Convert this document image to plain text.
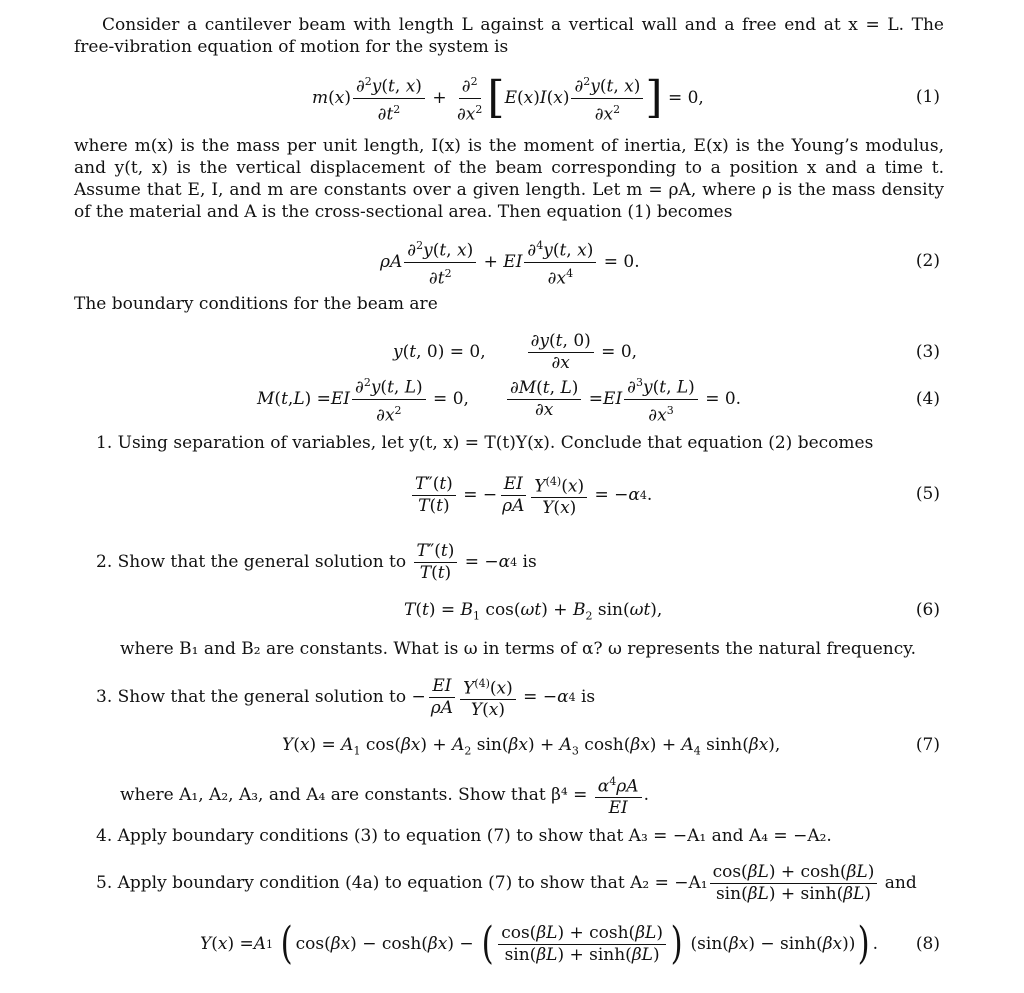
Consider a cantilever beam with length L against a vertical wall and a free end at x = L. The free-vibration equation of motion for the system is
m ( x ) $\frac{\partial^2y(t, x)}{\partial t^2} + \frac{\partial^2}{\partial x^2}$ [ E ( x ) I ( x ) $\frac{\partial^2y(t, x)}{\partial x^2}$ ] = 0,	(1)
where m(x) is the mass per unit length, I(x) is the moment of inertia, E(x) is the Young’s modulus, and y(t, x) is the vertical displacement of the beam corresponding to a position x and a time t. Assume that E, I, and m are constants over a given length. Let m = ρA, where ρ is the mass density of the material and A is the cross-sectional area. Then equation (1) becomes
ρA $\frac{\partial^2y(t, x)}{\partial t^2}$ + EI $\frac{\partial^4y(t, x)}{\partial x^4} = 0$.	(2)
The boundary conditions for the beam are
y ( t , 0) = 0, $\frac{\partial y(t, 0)}{\partial x} = 0$,	(3)
M ( t , L ) = EI $\frac{\partial^2y(t, L)}{\partial x^2} = 0$, $\frac{\partial M(t, L)}{\partial x}$ = EI $\frac{\partial^3y(t, L)}{\partial x^3} = 0$.	(4)
1. Using separation of variables, let y(t, x) = T(t)Y(x). Conclude that equation (2) becomes
$\frac{T''(t)}{T(t)}$ = − $\frac{EI}{\rho A} \frac{Y^{(4)}(x)}{Y(x)}$ = − α 4 .	(5)
2. Show that the general solution to
$\frac{T''(t)}{T(t)}$ = − α 4
is
$T(t) = B_1$ $\cos(\omega t) + B_2$ sin(ωt),	(6)
where B₁ and B₂ are constants. What is ω in terms of α? ω represents the natural frequency.
3. Show that the general solution to − $\frac{EI}{\rho A} \frac{Y^{(4)}(x)}{Y(x)}$ = − α 4
is
$Y(x) = A_1$ $\cos(\beta x) + A_2$ $\sin(\beta x) + A_3$ $\cosh(\beta x) + A_4$ sinh(βx),	(7)
where A₁, A₂, A₃, and A₄ are constants. Show that β⁴ =
$\frac{\alpha^4\rho A}{EI}$ .
4. Apply boundary conditions (3) to equation (7) to show that A₃ = −A₁ and A₄ = −A₂.
5. Apply boundary condition (4a) to equation (7) to show that $A_2 = -A_1 \frac{\cos(\beta L) + \cosh(\beta L)}{\sin(\beta L) + \sinh(\beta L)}$
and
Y ( x ) = A 1
( cos( βx ) − cosh( βx ) − ( $\frac{\cos(\beta L) + \cosh(\beta L)}{\sin(\beta L) + \sinh(\beta L)}$ ) (sin( βx ) − sinh( βx )) ) . (8)
